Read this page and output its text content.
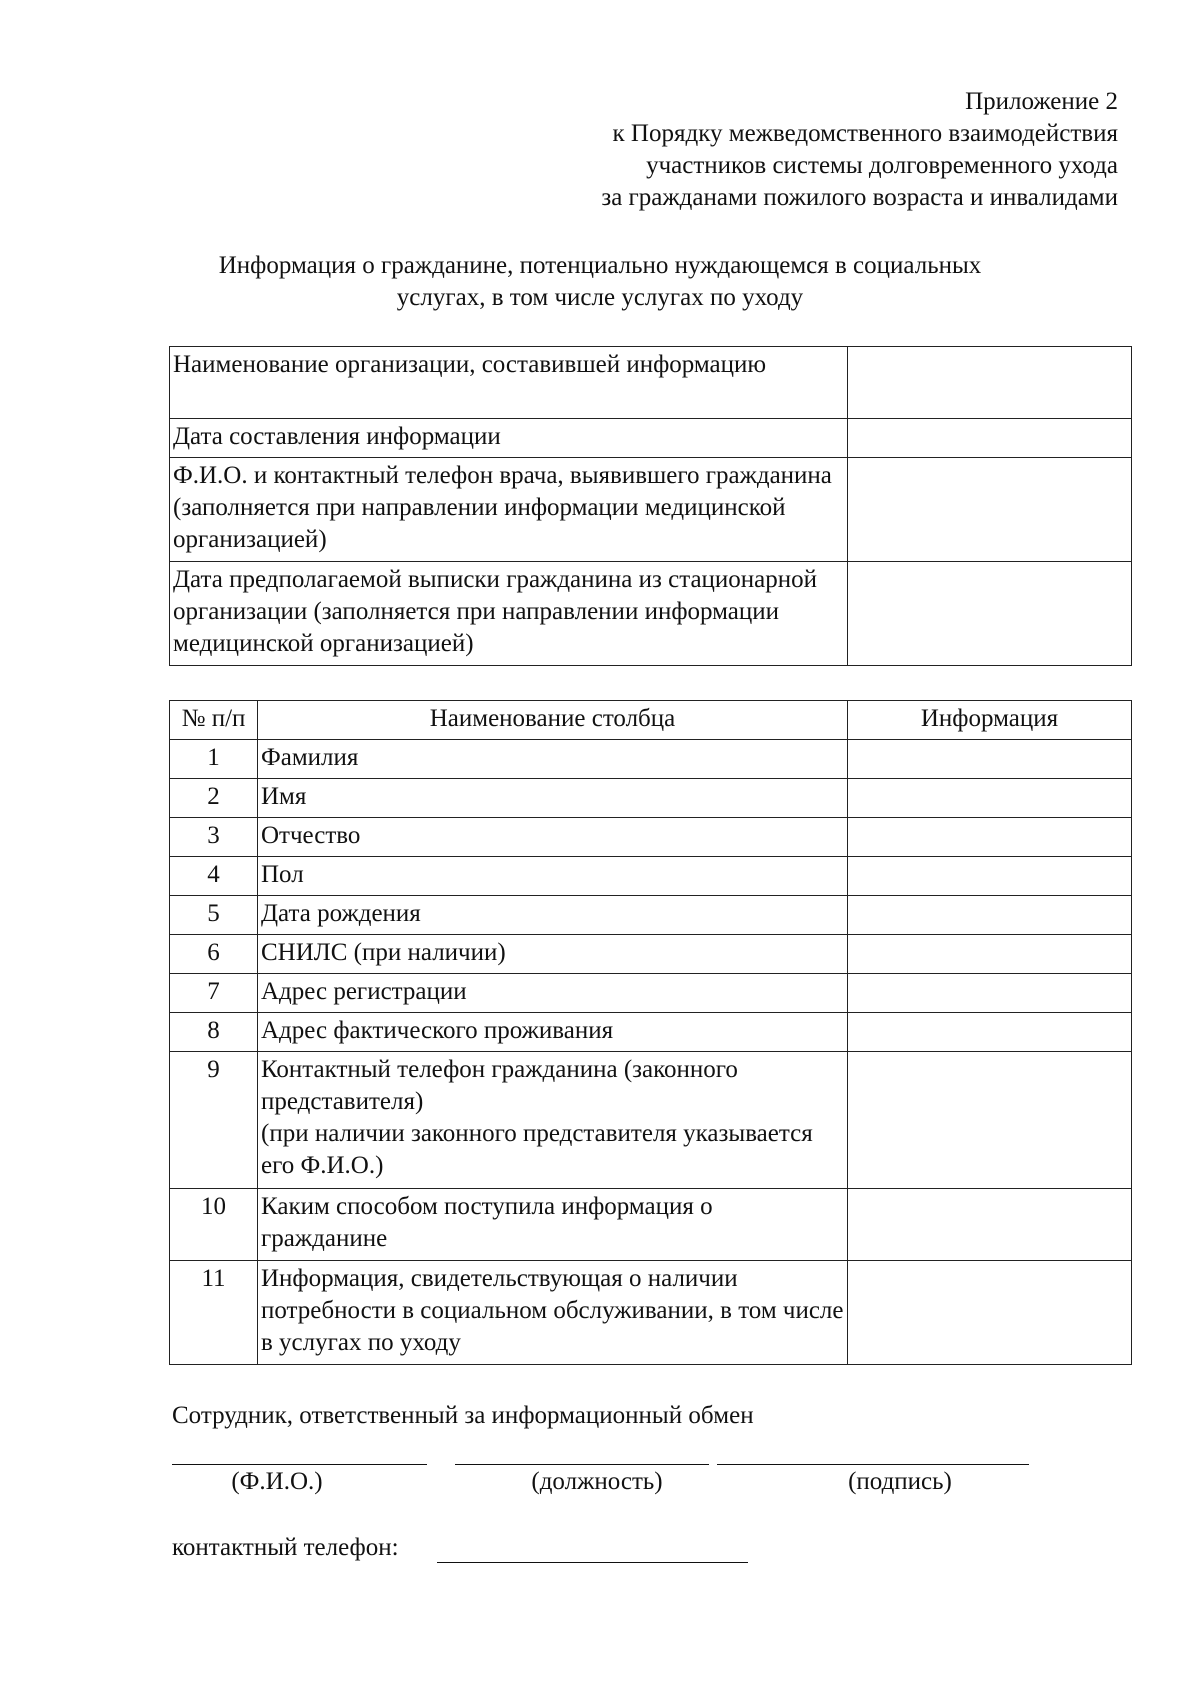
Приложение 2
к Порядку межведомственного взаимодействия
участников системы долговременного ухода
за гражданами пожилого возраста и инвалидами
Информация о гражданине, потенциально нуждающемся в социальных
услугах, в том числе услугах по уходу
Наименование организации, составившей информацию	
Дата составления информации	
Ф.И.О. и контактный телефон врача, выявившего гражданина (заполняется при направлении информации медицинской организацией)	
Дата предполагаемой выписки гражданина из стационарной организации (заполняется при направлении информации медицинской организацией)	
№ п/п	Наименование столбца	Информация
1	Фамилия	
2	Имя	
3	Отчество	
4	Пол	
5	Дата рождения	
6	СНИЛС (при наличии)	
7	Адрес регистрации	
8	Адрес фактического проживания	
9	Контактный телефон гражданина (законного представителя)
(при наличии законного представителя указывается его Ф.И.О.)	

10	Каким способом поступила информация о гражданине	
11	Информация, свидетельствующая о наличии потребности в социальном обслуживании, в том числе в услугах по уходу	
Сотрудник, ответственный за информационный обмен
(Ф.И.О.)	(должность)	(подпись)
контактный телефон:
